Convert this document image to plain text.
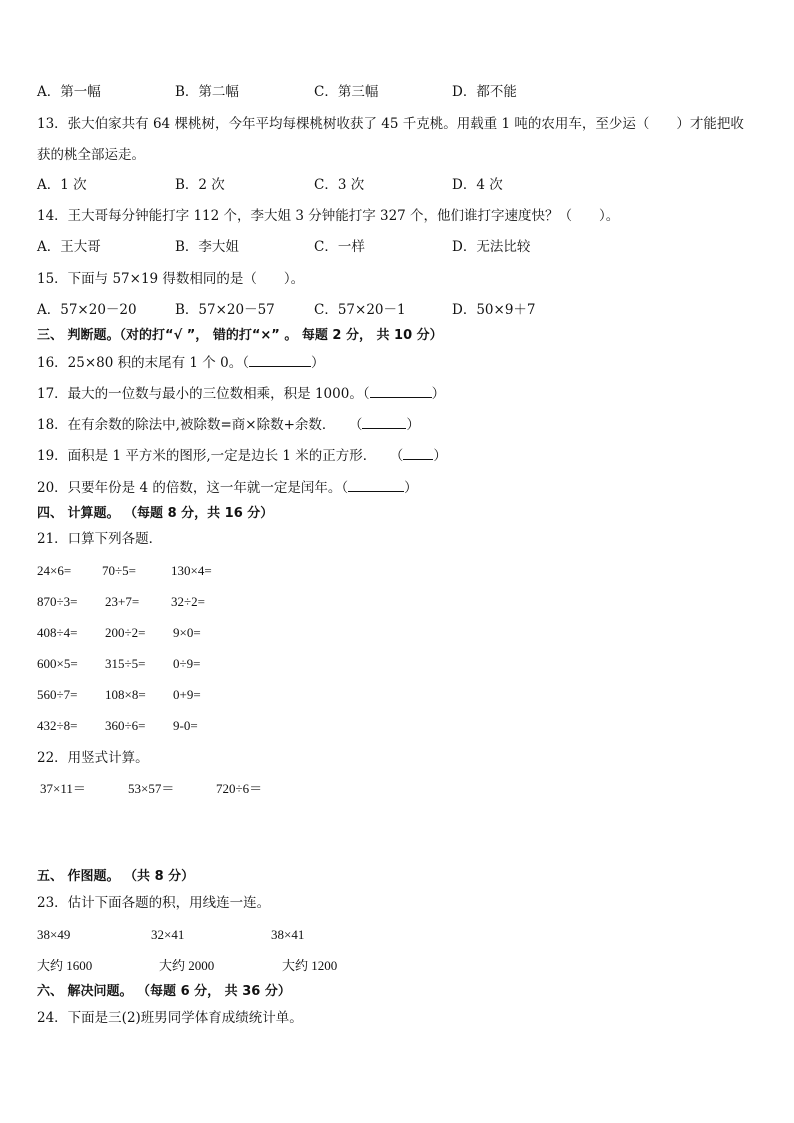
A．第一幅	B．第二幅	C．第三幅	D．都不能
13．张大伯家共有 64 棵桃树，今年平均每棵桃树收获了 45 千克桃。用载重 1 吨的农用车，至少运（　　）才能把收
获的桃全部运走。
A．1 次	B．2 次	C．3 次	D．4 次
14．王大哥每分钟能打字 112 个，李大姐 3 分钟能打字 327 个，他们谁打字速度快？（　　）。
A．王大哥	B．李大姐	C．一样	D．无法比较
15．下面与 57×19 得数相同的是（　　）。
A．57×20－20	B．57×20－57	C．57×20－1	D．50×9＋7
三、 判断题。（对的打“√ ”， 错的打“×” 。 每题 2 分， 共 10 分）
16．25×80 积的末尾有 1 个 0。（	）
17．最大的一位数与最小的三位数相乘，积是 1000。（	）
18．在有余数的除法中,被除数=商×除数+余数．　　（	）
19．面积是 1 平方米的图形,一定是边长 1 米的正方形．　　（ ）
20．只要年份是 4 的倍数，这一年就一定是闰年。（	）
四、 计算题。 （每题 8 分，共 16 分）
21．口算下列各题．
24×6= 70÷5=	130×4=
870÷3= 23+7= 32÷2=
408÷4= 200÷2= 9×0=
600×5= 315÷5= 0÷9=
560÷7= 108×8= 0+9=
432÷8= 360÷6= 9-0=
22．用竖式计算。
37×11＝	53×57＝	720÷6＝
五、 作图题。 （共 8 分）
23．估计下面各题的积，用线连一连。
38×49	32×41	38×41
大约 1600	大约 2000	大约 1200
六、 解决问题。 （每题 6 分， 共 36 分）
24．下面是三(2)班男同学体育成绩统计单。
